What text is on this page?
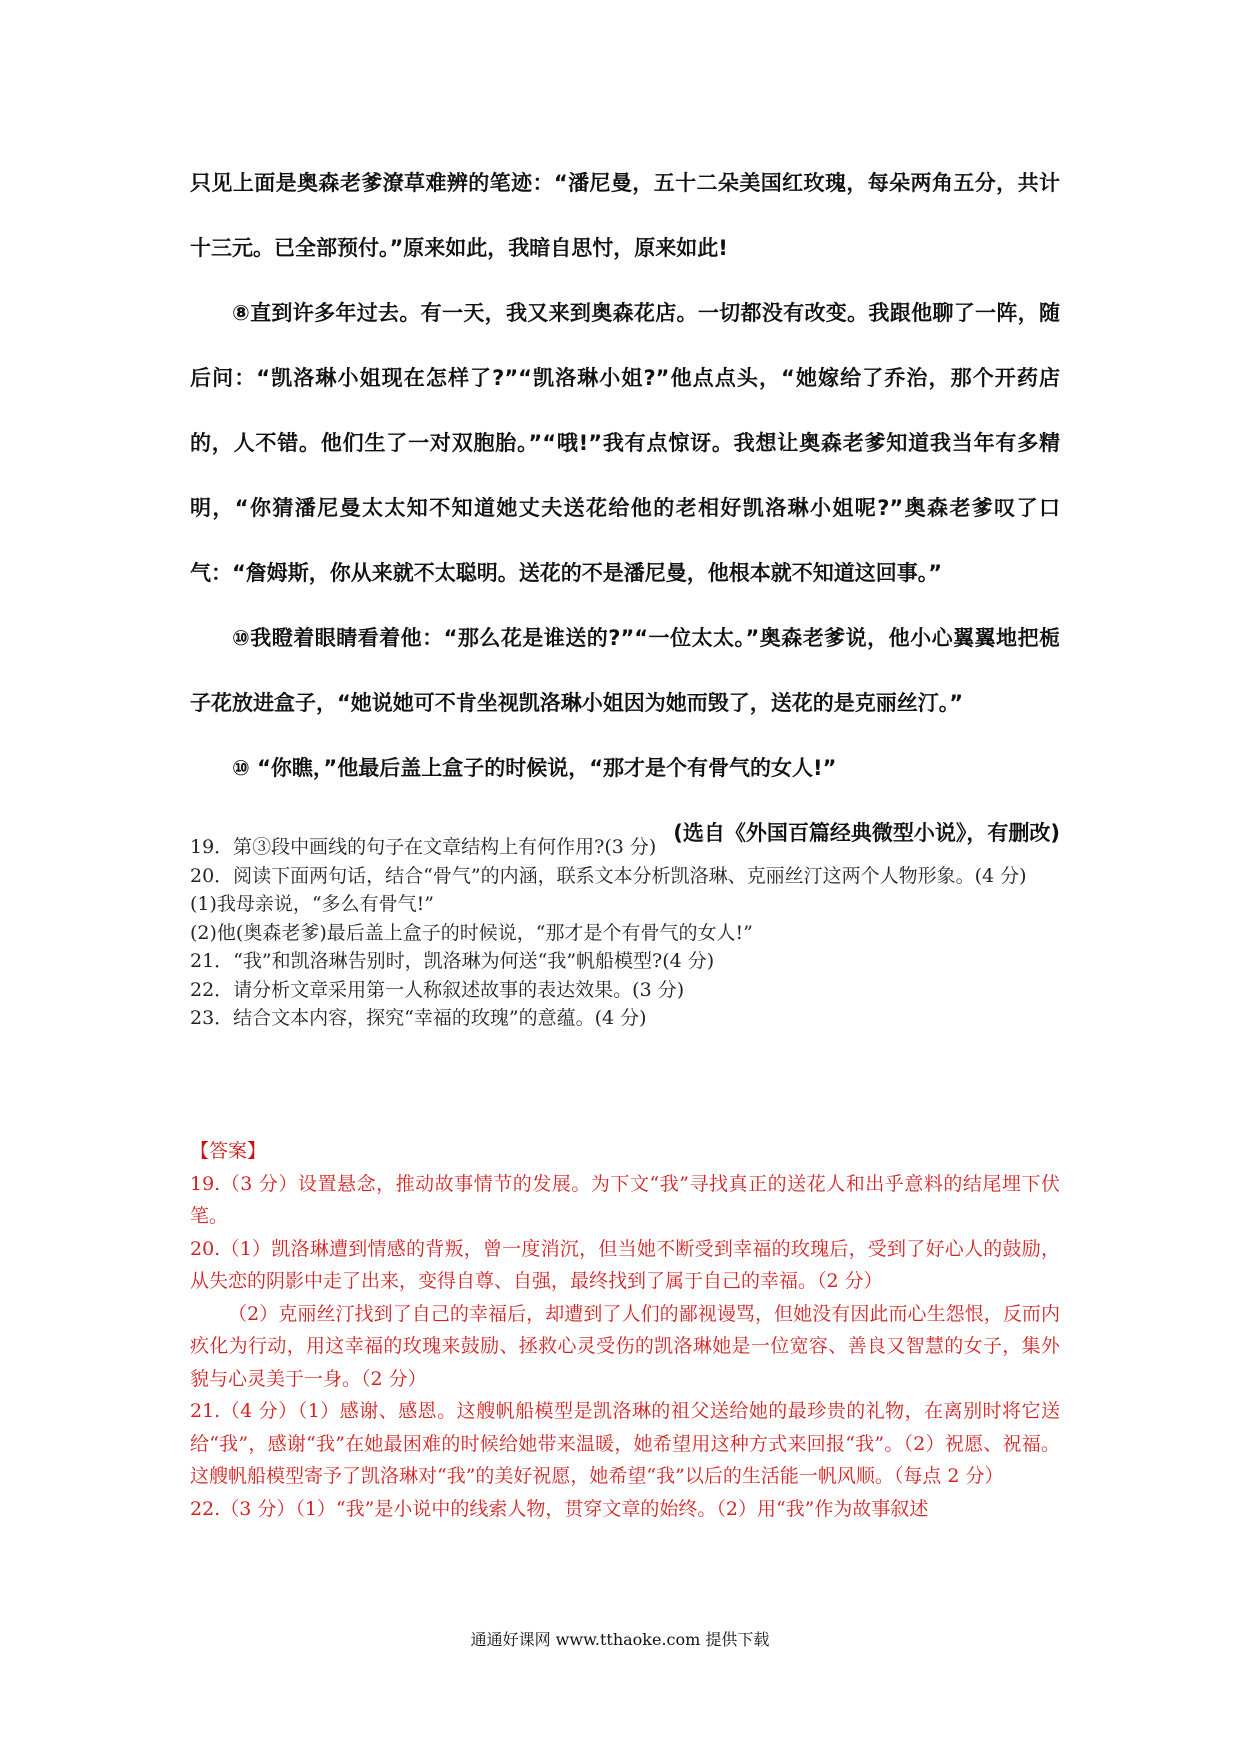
只见上面是奥森老爹潦草难辨的笔迹：“潘尼曼，五十二朵美国红玫瑰，每朵两角五分，共计十三元。已全部预付。”原来如此，我暗自思忖，原来如此!

⑧直到许多年过去。有一天，我又来到奥森花店。一切都没有改变。我跟他聊了一阵，随后问：“凯洛琳小姐现在怎样了?”“凯洛琳小姐?”他点点头，“她嫁给了乔治，那个开药店的，人不错。他们生了一对双胞胎。”“哦!”我有点惊讶。我想让奥森老爹知道我当年有多精明，“你猜潘尼曼太太知不知道她丈夫送花给他的老相好凯洛琳小姐呢?”奥森老爹叹了口气：“詹姆斯，你从来就不太聪明。送花的不是潘尼曼，他根本就不知道这回事。”

⑩我瞪着眼睛看着他：“那么花是谁送的?”“一位太太。”奥森老爹说，他小心翼翼地把栀子花放进盒子，“她说她可不肯坐视凯洛琳小姐因为她而毁了，送花的是克丽丝汀。”

⑩ “你瞧，”他最后盖上盒子的时候说，“那才是个有骨气的女人!”

(选自《外国百篇经典微型小说》，有删改)

19．第③段中画线的句子在文章结构上有何作用?(3 分)

20．阅读下面两句话，结合“骨气”的内涵，联系文本分析凯洛琳、克丽丝汀这两个人物形象。(4 分)

(1)我母亲说，“多么有骨气!”

(2)他(奥森老爹)最后盖上盒子的时候说，“那才是个有骨气的女人!”

21．“我”和凯洛琳告别时，凯洛琳为何送“我”帆船模型?(4 分)

22．请分析文章采用第一人称叙述故事的表达效果。(3 分)

23．结合文本内容，探究“幸福的玫瑰”的意蕴。(4 分)

【答案】

19.（3 分）设置悬念，推动故事情节的发展。为下文“我”寻找真正的送花人和出乎意料的结尾埋下伏笔。

20.（1）凯洛琳遭到情感的背叛，曾一度消沉，但当她不断受到幸福的玫瑰后，受到了好心人的鼓励，从失恋的阴影中走了出来，变得自尊、自强，最终找到了属于自己的幸福。（2 分）

（2）克丽丝汀找到了自己的幸福后，却遭到了人们的鄙视谩骂，但她没有因此而心生怨恨，反而内疚化为行动，用这幸福的玫瑰来鼓励、拯救心灵受伤的凯洛琳她是一位宽容、善良又智慧的女子，集外貌与心灵美于一身。（2 分）

21.（4 分）（1）感谢、感恩。这艘帆船模型是凯洛琳的祖父送给她的最珍贵的礼物，在离别时将它送给“我”，感谢“我”在她最困难的时候给她带来温暖，她希望用这种方式来回报“我”。（2）祝愿、祝福。这艘帆船模型寄予了凯洛琳对“我”的美好祝愿，她希望“我”以后的生活能一帆风顺。（每点 2 分）

22.（3 分）（1）“我”是小说中的线索人物，贯穿文章的始终。（2）用“我”作为故事叙述

通通好课网 www.tthaoke.com 提供下载
